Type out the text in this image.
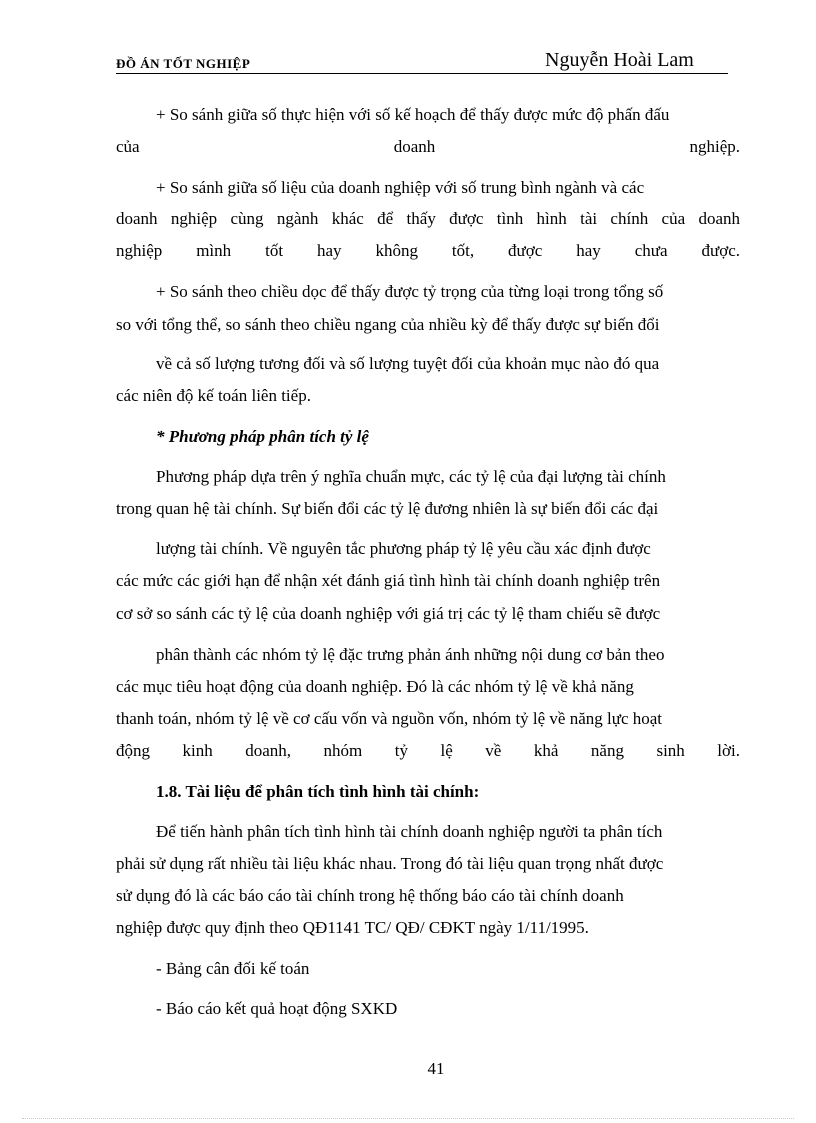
ĐỒ ÁN TỐT NGHIỆP	Nguyễn Hoài Lam
+ So sánh giữa số thực hiện với số kế hoạch để thấy được mức độ phấn đấu
của doanh nghiệp.
+ So sánh giữa số liệu của doanh nghiệp với số trung bình ngành và các
doanh nghiệp cùng ngành khác để thấy được tình hình tài chính của doanh
nghiệp mình tốt hay không tốt, được hay chưa được.
+ So sánh theo chiều dọc để thấy được tỷ trọng của từng loại trong tổng số
so với tổng thể, so sánh theo chiều ngang của nhiều kỳ để thấy được sự biến đổi
về cả số lượng tương đối và số lượng tuyệt đối của khoản mục nào đó qua
các niên độ kế toán liên tiếp.
* Phương pháp phân tích tỷ lệ
Phương pháp dựa trên ý nghĩa chuẩn mực, các tỷ lệ của đại lượng tài chính
trong quan hệ tài chính. Sự biến đổi các tỷ lệ đương nhiên là sự biến đổi các đại
lượng tài chính. Về nguyên tắc phương pháp tỷ lệ yêu cầu xác định được
các mức các giới hạn để nhận xét đánh giá tình hình tài chính doanh nghiệp trên
cơ sở so sánh các tỷ lệ của doanh nghiệp với giá trị các tỷ lệ tham chiếu sẽ được
phân thành các nhóm tỷ lệ đặc trưng phản ánh những nội dung cơ bản theo
các mục tiêu hoạt động của doanh nghiệp. Đó là các nhóm tỷ lệ về khả năng
thanh toán, nhóm tỷ lệ về cơ cấu vốn và nguồn vốn, nhóm tỷ lệ về năng lực hoạt
động kinh doanh, nhóm tỷ lệ về khả năng sinh lời.
1.8. Tài liệu để phân tích tình hình tài chính:
Để tiến hành phân tích tình hình tài chính doanh nghiệp người ta phân tích
phải sử dụng rất nhiều tài liệu khác nhau. Trong đó tài liệu quan trọng nhất được
sử dụng đó là các báo cáo tài chính trong hệ thống báo cáo tài chính doanh
nghiệp được quy định theo QĐ1141 TC/ QĐ/ CĐKT ngày 1/11/1995.
- Bảng cân đối kế toán
- Báo cáo kết quả hoạt động SXKD
41
